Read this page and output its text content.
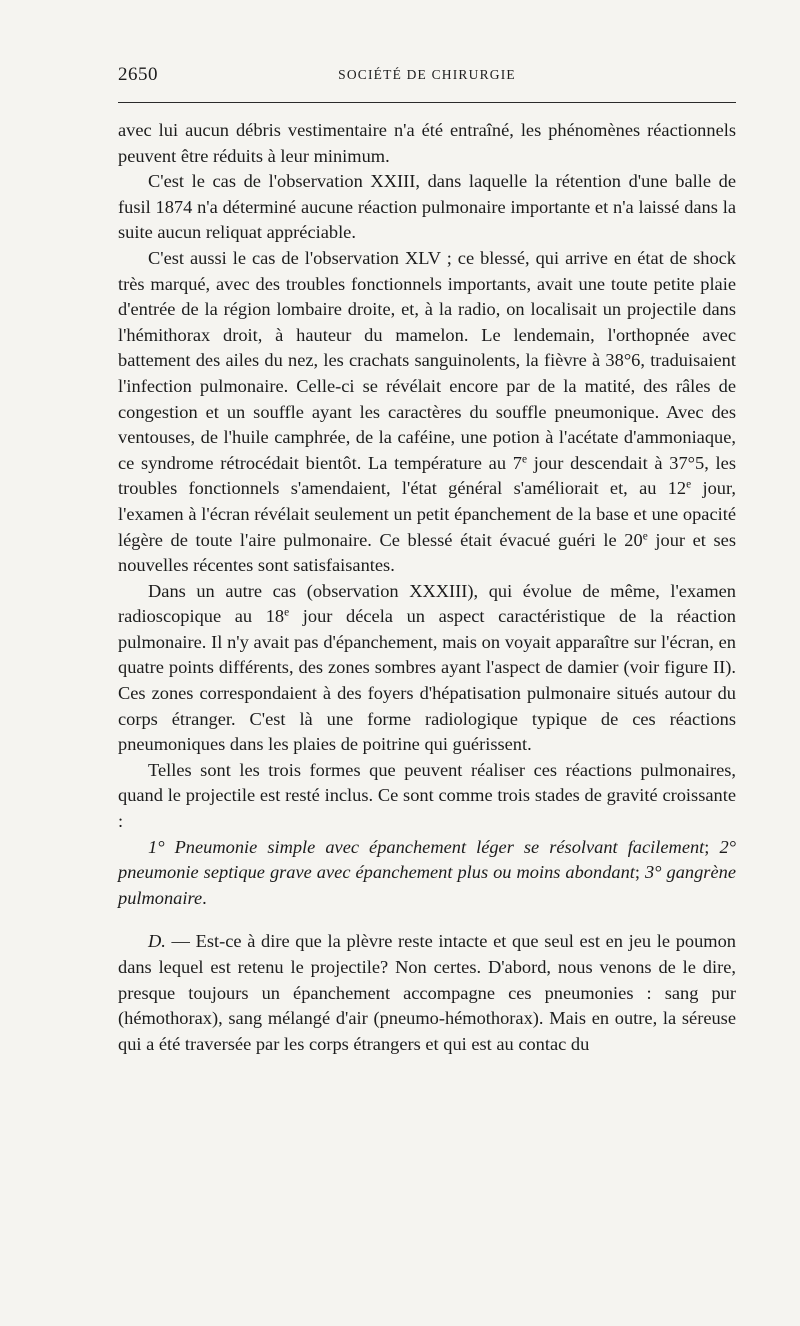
2650	SOCIÉTÉ DE CHIRURGIE

avec lui aucun débris vestimentaire n'a été entraîné, les phénomènes réactionnels peuvent être réduits à leur minimum.

C'est le cas de l'observation XXIII, dans laquelle la rétention d'une balle de fusil 1874 n'a déterminé aucune réaction pulmonaire importante et n'a laissé dans la suite aucun reliquat appréciable.

C'est aussi le cas de l'observation XLV ; ce blessé, qui arrive en état de shock très marqué, avec des troubles fonctionnels importants, avait une toute petite plaie d'entrée de la région lombaire droite, et, à la radio, on localisait un projectile dans l'hémithorax droit, à hauteur du mamelon. Le lendemain, l'orthopnée avec battement des ailes du nez, les crachats sanguinolents, la fièvre à 38°6, traduisaient l'infection pulmonaire. Celle-ci se révélait encore par de la matité, des râles de congestion et un souffle ayant les caractères du souffle pneumonique. Avec des ventouses, de l'huile camphrée, de la caféine, une potion à l'acétate d'ammoniaque, ce syndrome rétrocédait bientôt. La température au 7e jour descendait à 37°5, les troubles fonctionnels s'amendaient, l'état général s'améliorait et, au 12e jour, l'examen à l'écran révélait seulement un petit épanchement de la base et une opacité légère de toute l'aire pulmonaire. Ce blessé était évacué guéri le 20e jour et ses nouvelles récentes sont satisfaisantes.

Dans un autre cas (observation XXXIII), qui évolue de même, l'examen radioscopique au 18e jour décela un aspect caractéristique de la réaction pulmonaire. Il n'y avait pas d'épanchement, mais on voyait apparaître sur l'écran, en quatre points différents, des zones sombres ayant l'aspect de damier (voir figure II). Ces zones correspondaient à des foyers d'hépatisation pulmonaire situés autour du corps étranger. C'est là une forme radiologique typique de ces réactions pneumoniques dans les plaies de poitrine qui guérissent.

Telles sont les trois formes que peuvent réaliser ces réactions pulmonaires, quand le projectile est resté inclus. Ce sont comme trois stades de gravité croissante :

1° Pneumonie simple avec épanchement léger se résolvant facilement; 2° pneumonie septique grave avec épanchement plus ou moins abondant; 3° gangrène pulmonaire.

D. — Est-ce à dire que la plèvre reste intacte et que seul est en jeu le poumon dans lequel est retenu le projectile? Non certes. D'abord, nous venons de le dire, presque toujours un épanchement accompagne ces pneumonies : sang pur (hémothorax), sang mélangé d'air (pneumo-hémothorax). Mais en outre, la séreuse qui a été traversée par les corps étrangers et qui est au contac du
